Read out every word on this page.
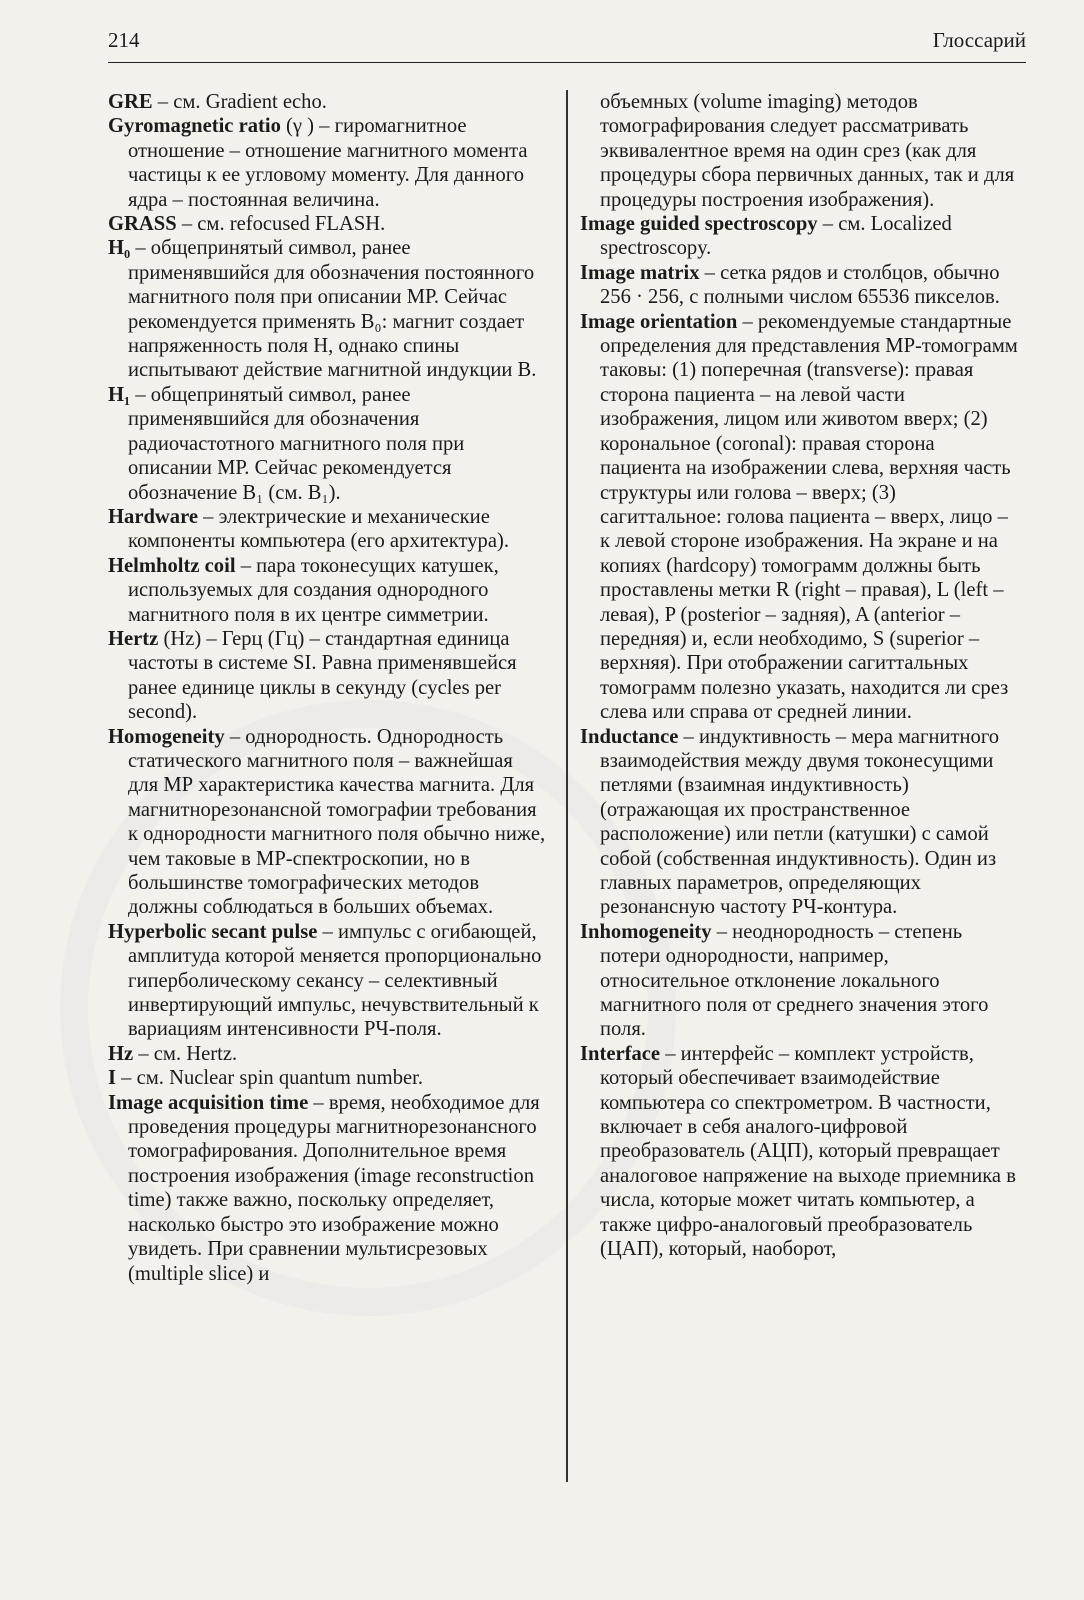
214	Глоссарий

GRE – см. Gradient echo.

Gyromagnetic ratio (γ ) – гиромагнитное отношение – отношение магнитного момента частицы к ее угловому моменту. Для данного ядра – постоянная величина.

GRASS – см. refocused FLASH.

H₀ – общепринятый символ, ранее применявшийся для обозначения постоянного магнитного поля при описании МР. Сейчас рекомендуется применять B₀: магнит создает напряженность поля H, однако спины испытывают действие магнитной индукции B.

H₁ – общепринятый символ, ранее применявшийся для обозначения радиочастотного магнитного поля при описании МР. Сейчас рекомендуется обозначение B₁ (см. B₁).

Hardware – электрические и механические компоненты компьютера (его архитектура).

Helmholtz coil – пара токонесущих катушек, используемых для создания однородного магнитного поля в их центре симметрии.

Hertz (Hz) – Герц (Гц) – стандартная единица частоты в системе SI. Равна применявшейся ранее единице циклы в секунду (cycles per second).

Homogeneity – однородность. Однородность статического магнитного поля – важнейшая для МР характеристика качества магнита. Для магнитнорезонансной томографии требования к однородности магнитного поля обычно ниже, чем таковые в МР-спектроскопии, но в большинстве томографических методов должны соблюдаться в больших объемах.

Hyperbolic secant pulse – импульс с огибающей, амплитуда которой меняется пропорционально гиперболическому секансу – селективный инвертирующий импульс, нечувствительный к вариациям интенсивности РЧ-поля.

Hz – см. Hertz.

I – см. Nuclear spin quantum number.

Image acquisition time – время, необходимое для проведения процедуры магнитнорезонансного томографирования. Дополнительное время построения изображения (image reconstruction time) также важно, поскольку определяет, насколько быстро это изображение можно увидеть. При сравнении мультисрезовых (multiple slice) и

объемных (volume imaging) методов томографирования следует рассматривать эквивалентное время на один срез (как для процедуры сбора первичных данных, так и для процедуры построения изображения).

Image guided spectroscopy – см. Localized spectroscopy.

Image matrix – сетка рядов и столбцов, обычно 256 · 256, с полными числом 65536 пикселов.

Image orientation – рекомендуемые стандартные определения для представления МР-томограмм таковы: (1) поперечная (transverse): правая сторона пациента – на левой части изображения, лицом или животом вверх; (2) корональное (coronal): правая сторона пациента на изображении слева, верхняя часть структуры или голова – вверх; (3) сагиттальное: голова пациента – вверх, лицо – к левой стороне изображения. На экране и на копиях (hardcopy) томограмм должны быть проставлены метки R (right – правая), L (left – левая), P (posterior – задняя), A (anterior – передняя) и, если необходимо, S (superior – верхняя). При отображении сагиттальных томограмм полезно указать, находится ли срез слева или справа от средней линии.

Inductance – индуктивность – мера магнитного взаимодействия между двумя токонесущими петлями (взаимная индуктивность) (отражающая их пространственное расположение) или петли (катушки) с самой собой (собственная индуктивность). Один из главных параметров, определяющих резонансную частоту РЧ-контура.

Inhomogeneity – неоднородность – степень потери однородности, например, относительное отклонение локального магнитного поля от среднего значения этого поля.

Interface – интерфейс – комплект устройств, который обеспечивает взаимодействие компьютера со спектрометром. В частности, включает в себя аналого-цифровой преобразователь (АЦП), который превращает аналоговое напряжение на выходе приемника в числа, которые может читать компьютер, а также цифро-аналоговый преобразователь (ЦАП), который, наоборот,
